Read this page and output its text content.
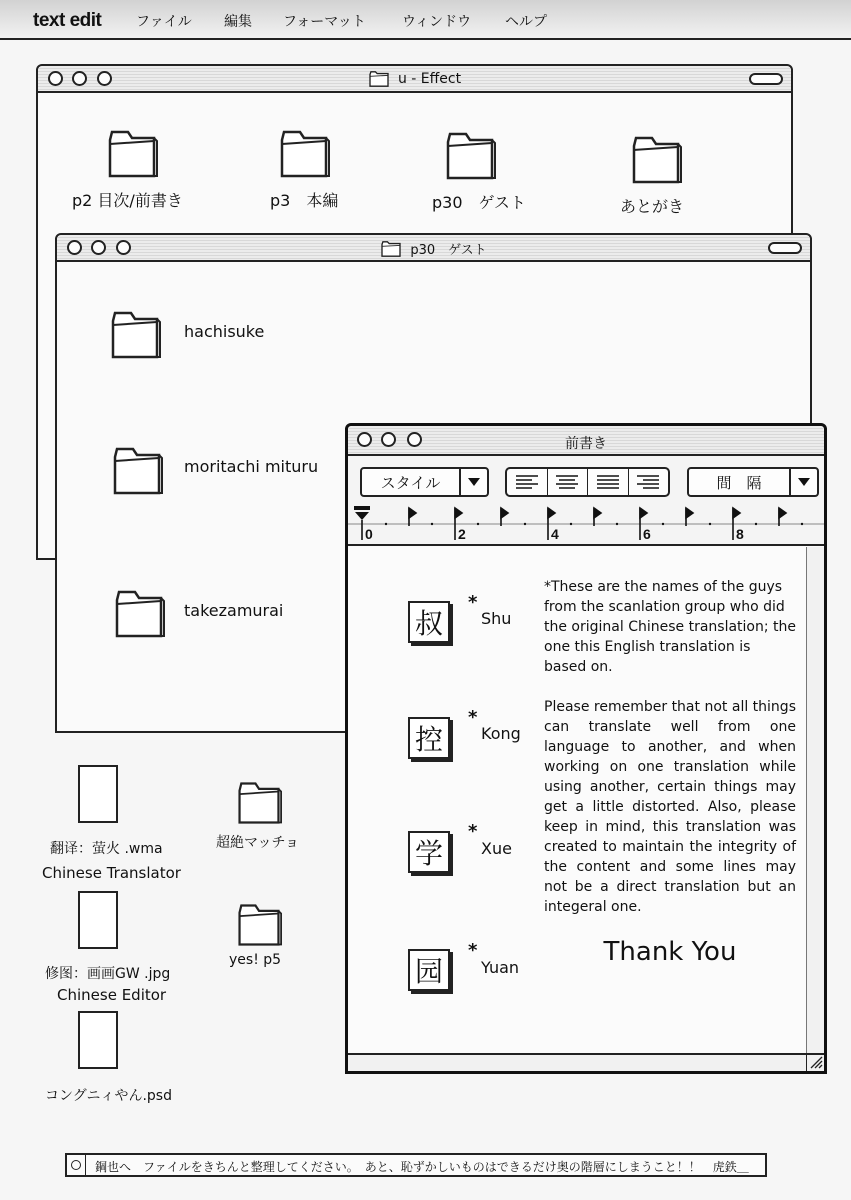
text edit ファイル 編集 フォーマット	ウィンドウ ヘルプ
u - Effect
p2 目次/前書き	p3　本編	p30　ゲスト	あとがき
p30　ゲスト
hachisuke
moritachi mituru
takezamurai
前書き
スタイル	間　隔
0	2	4	6	8
叔
*
Shu
控
*
Kong
学
*
Xue
园
*
Yuan
*These are the names of the guys from the scanlation group who did the original Chinese translation; the one this English translation is based on.
Please remember that not all things can translate well from one language to another, and when working on one translation while using another, certain things may get a little distorted. Also, please keep in mind, this translation was created to maintain the integrity of the content and some lines may not be a direct translation but an integeral one.
Thank You
翻译：萤火 .wma
Chinese Translator
修图：画画GW .jpg
Chinese Editor
コングニィやん.psd
超絶マッチョ
yes! p5
鋼也へ　ファイルをきちんと整理してください。　あと、恥ずかしいものはできるだけ奥の階層にしまうこと！！　虎鉄＿
